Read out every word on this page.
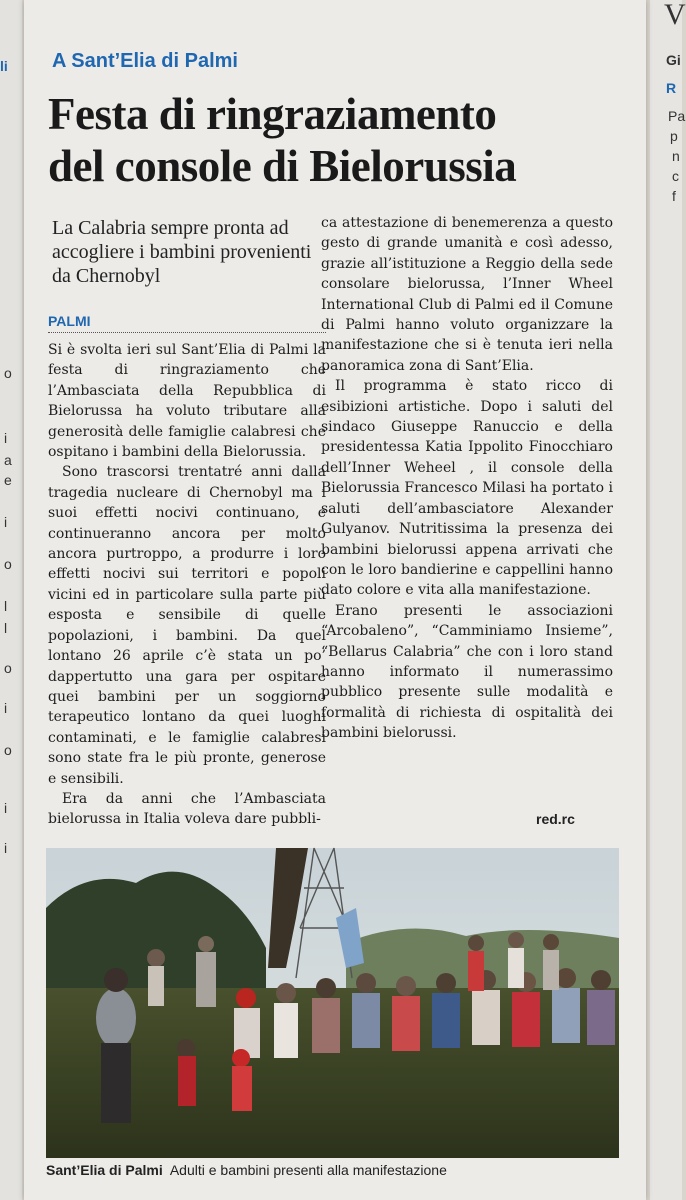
li
o
i
a
e
i
o
l
l
o
i
o
i
i
V
Gi
R
Pa
p
n
c
f
A Sant’Elia di Palmi
Festa di ringraziamento
del console di Bielorussia
La Calabria sempre pronta ad accogliere i bambini provenienti da Chernobyl
PALMI

Si è svolta ieri sul Sant’Elia di Palmi la festa di ringraziamento che l’Ambasciata della Repubblica di Bielorussa ha voluto tributare alla generosità delle famiglie calabresi che ospitano i bambini della Bielorussia.

Sono trascorsi trentatré anni dalla tragedia nucleare di Chernobyl ma i suoi effetti nocivi continuano, e continueranno ancora per molto ancora purtroppo, a produrre i loro effetti nocivi sui territori e popoli vicini ed in particolare sulla parte più esposta e sensibile di quelle popolazioni, i bambini. Da quel lontano 26 aprile c’è stata un po’ dappertutto una gara per ospitare quei bambini per un soggiorno terapeutico lontano da quei luoghi contaminati, e le famiglie calabresi sono state fra le più pronte, generose e sensibili.

Era da anni che l’Ambasciata bielorussa in Italia voleva dare pubbli-

ca attestazione di benemerenza a questo gesto di grande umanità e così adesso, grazie all’istituzione a Reggio della sede consolare bielorussa, l’Inner Wheel International Club di Palmi ed il Comune di Palmi hanno voluto organizzare la manifestazione che si è tenuta ieri nella panoramica zona di Sant’Elia.

Il programma è stato ricco di esibizioni artistiche. Dopo i saluti del sindaco Giuseppe Ranuccio e della presidentessa Katia Ippolito Finocchiaro dell’Inner Weheel , il console della Bielorussia Francesco Milasi ha portato i saluti dell’ambasciatore Alexander Gulyanov. Nutritissima la presenza dei bambini bielorussi appena arrivati che con le loro bandierine e cappellini hanno dato colore e vita alla manifestazione.

Erano presenti le associazioni “Arcobaleno”, “Camminiamo Insieme”, “Bellarus Calabria” che con i loro stand hanno informato il numerassimo pubblico presente sulle modalità e formalità di richiesta di ospitalità dei bambini bielorussi.

red.rc
Sant’Elia di Palmi Adulti e bambini presenti alla manifestazione
